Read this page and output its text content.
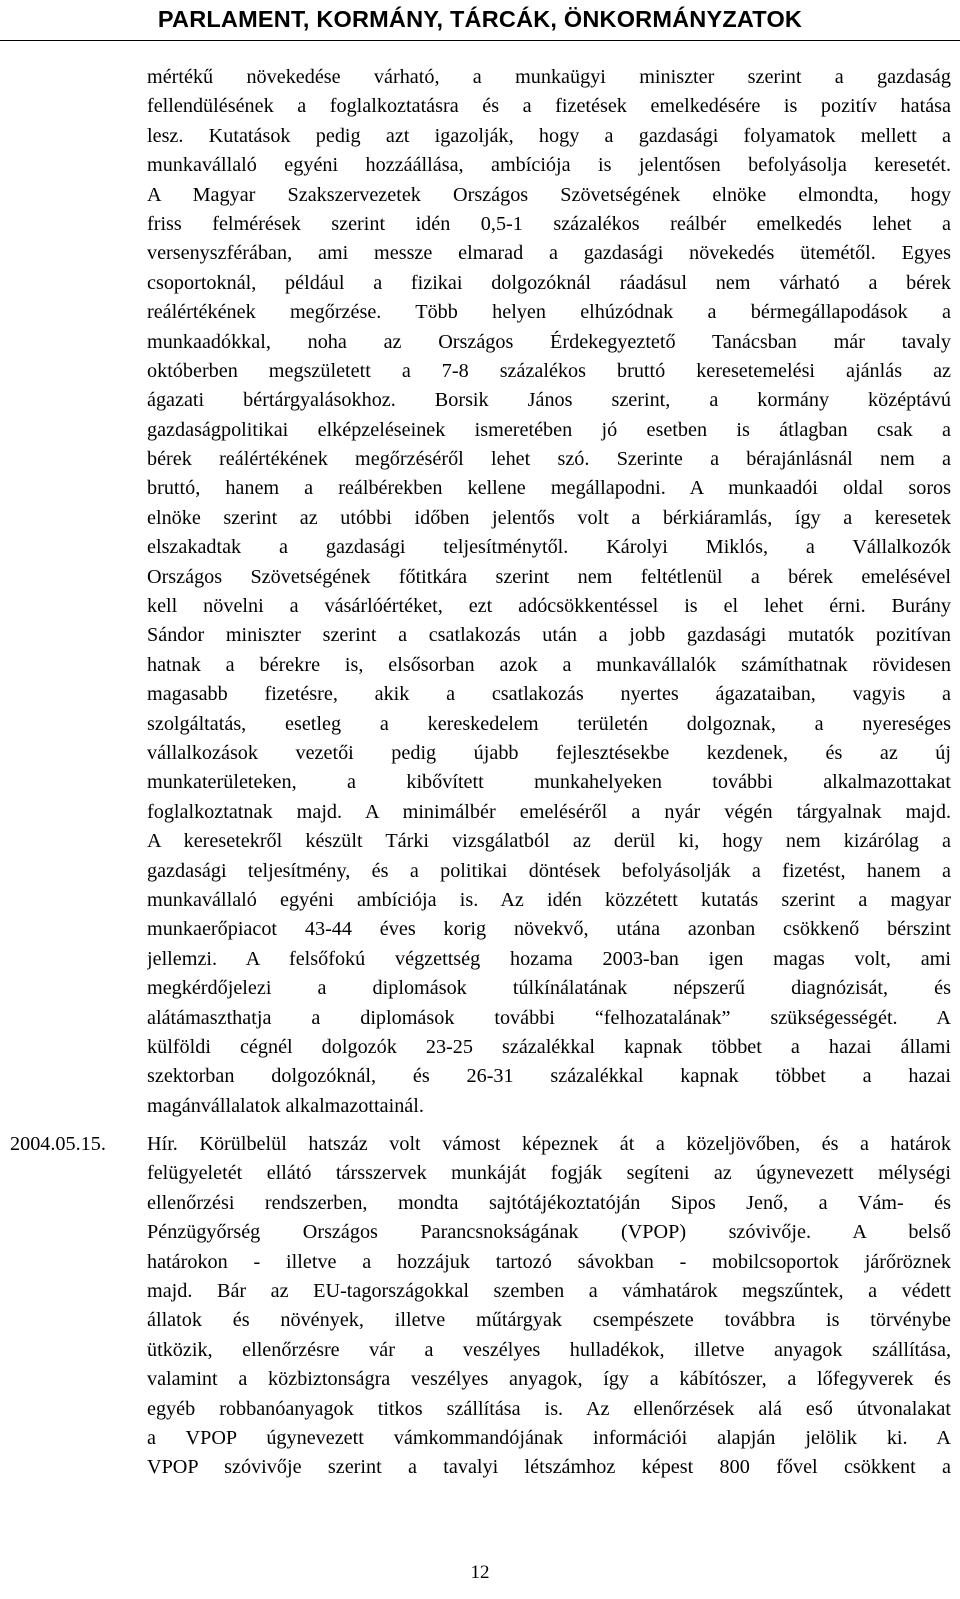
PARLAMENT, KORMÁNY, TÁRCÁK, ÖNKORMÁNYZATOK
mértékű növekedése várható, a munkaügyi miniszter szerint a gazdaság
fellendülésének a foglalkoztatásra és a fizetések emelkedésére is pozitív hatása
lesz. Kutatások pedig azt igazolják, hogy a gazdasági folyamatok mellett a
munkavállaló egyéni hozzáállása, ambíciója is jelentősen befolyásolja keresetét.
A Magyar Szakszervezetek Országos Szövetségének elnöke elmondta, hogy
friss felmérések szerint idén 0,5-1 százalékos reálbér emelkedés lehet a
versenyszférában, ami messze elmarad a gazdasági növekedés ütemétől. Egyes
csoportoknál, például a fizikai dolgozóknál ráadásul nem várható a bérek
reálértékének megőrzése. Több helyen elhúzódnak a bérmegállapodások a
munkaadókkal, noha az Országos Érdekegyeztető Tanácsban már tavaly
októberben megszületett a 7-8 százalékos bruttó keresetemelési ajánlás az
ágazati bértárgyalásokhoz. Borsik János szerint, a kormány középtávú
gazdaságpolitikai elképzeléseinek ismeretében jó esetben is átlagban csak a
bérek reálértékének megőrzéséről lehet szó. Szerinte a bérajánlásnál nem a
bruttó, hanem a reálbérekben kellene megállapodni. A munkaadói oldal soros
elnöke szerint az utóbbi időben jelentős volt a bérkiáramlás, így a keresetek
elszakadtak a gazdasági teljesítménytől. Károlyi Miklós, a Vállalkozók
Országos Szövetségének főtitkára szerint nem feltétlenül a bérek emelésével
kell növelni a vásárlóértéket, ezt adócsökkentéssel is el lehet érni. Burány
Sándor miniszter szerint a csatlakozás után a jobb gazdasági mutatók pozitívan
hatnak a bérekre is, elsősorban azok a munkavállalók számíthatnak rövidesen
magasabb fizetésre, akik a csatlakozás nyertes ágazataiban, vagyis a
szolgáltatás, esetleg a kereskedelem területén dolgoznak, a nyereséges
vállalkozások vezetői pedig újabb fejlesztésekbe kezdenek, és az új
munkaterületeken, a kibővített munkahelyeken további alkalmazottakat
foglalkoztatnak majd. A minimálbér emeléséről a nyár végén tárgyalnak majd.
A keresetekről készült Tárki vizsgálatból az derül ki, hogy nem kizárólag a
gazdasági teljesítmény, és a politikai döntések befolyásolják a fizetést, hanem a
munkavállaló egyéni ambíciója is. Az idén közzétett kutatás szerint a magyar
munkaerőpiacot 43-44 éves korig növekvő, utána azonban csökkenő bérszint
jellemzi. A felsőfokú végzettség hozama 2003-ban igen magas volt, ami
megkérdőjelezi a diplomások túlkínálatának népszerű diagnózisát, és
alátámaszthatja a diplomások további “felhozatalának” szükségességét. A
külföldi cégnél dolgozók 23-25 százalékkal kapnak többet a hazai állami
szektorban dolgozóknál, és 26-31 százalékkal kapnak többet a hazai
magánvállalatok alkalmazottainál.
2004.05.15. Hír. Körülbelül hatszáz volt vámost képeznek át a közeljövőben, és a határok
felügyeletét ellátó társszervek munkáját fogják segíteni az úgynevezett mélységi
ellenőrzési rendszerben, mondta sajtótájékoztatóján Sipos Jenő, a Vám- és
Pénzügyőrség Országos Parancsnokságának (VPOP) szóvivője. A belső
határokon - illetve a hozzájuk tartozó sávokban - mobilcsoportok járőröznek
majd. Bár az EU-tagországokkal szemben a vámhatárok megszűntek, a védett
állatok és növények, illetve műtárgyak csempészete továbbra is törvénybe
ütközik, ellenőrzésre vár a veszélyes hulladékok, illetve anyagok szállítása,
valamint a közbiztonságra veszélyes anyagok, így a kábítószer, a lőfegyverek és
egyéb robbanóanyagok titkos szállítása is. Az ellenőrzések alá eső útvonalakat
a VPOP úgynevezett vámkommandójának információi alapján jelölik ki. A
VPOP szóvivője szerint a tavalyi létszámhoz képest 800 fővel csökkent a
12
